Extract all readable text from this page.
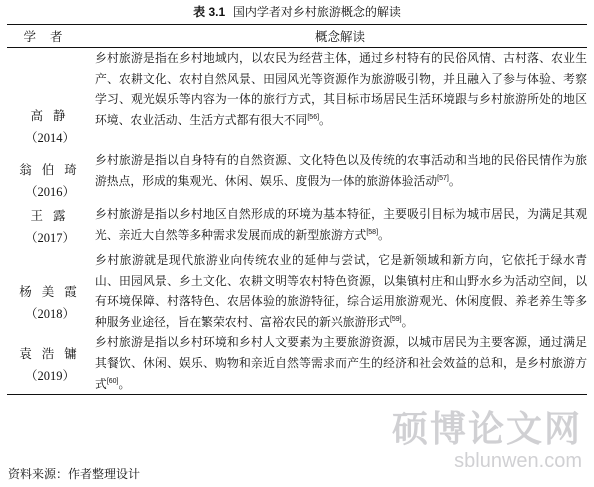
表 3.1 国内学者对乡村旅游概念的解读
学者	概念解读

高静
（2014）	乡村旅游是指在乡村地域内，以农民为经营主体，通过乡村特有的民俗风情、古村落、农业生产、农耕文化、农村自然风景、田园风光等资源作为旅游吸引物，并且融入了参与体验、考察学习、观光娱乐等内容为一体的旅行方式，其目标市场居民生活环境跟与乡村旅游所处的地区环境、农业活动、生活方式都有很大不同[56]。

翁伯琦
（2016）	乡村旅游是指以自身特有的自然资源、文化特色以及传统的农事活动和当地的民俗民情作为旅游热点，形成的集观光、休闲、娱乐、度假为一体的旅游体验活动[57]。

王露
（2017）	乡村旅游是指以乡村地区自然形成的环境为基本特征，主要吸引目标为城市居民，为满足其观光、亲近大自然等多种需求发展而成的新型旅游方式[58]。

杨美霞
（2018）	乡村旅游就是现代旅游业向传统农业的延伸与尝试，它是新领域和新方向，它依托于绿水青山、田园风景、乡土文化、农耕文明等农村特色资源，以集镇村庄和山野水乡为活动空间，以有环境保障、村落特色、农居体验的旅游特征，综合运用旅游观光、休闲度假、养老养生等多种服务业途径，旨在繁荣农村、富裕农民的新兴旅游形式[59]。

袁浩镛
（2019）	乡村旅游是指以乡村环境和乡村人文要素为主要旅游资源，以城市居民为主要客源，通过满足其餐饮、休闲、娱乐、购物和亲近自然等需求而产生的经济和社会效益的总和，是乡村旅游方式[60]。
资料来源：作者整理设计
硕博论文网
sblunwen.com
